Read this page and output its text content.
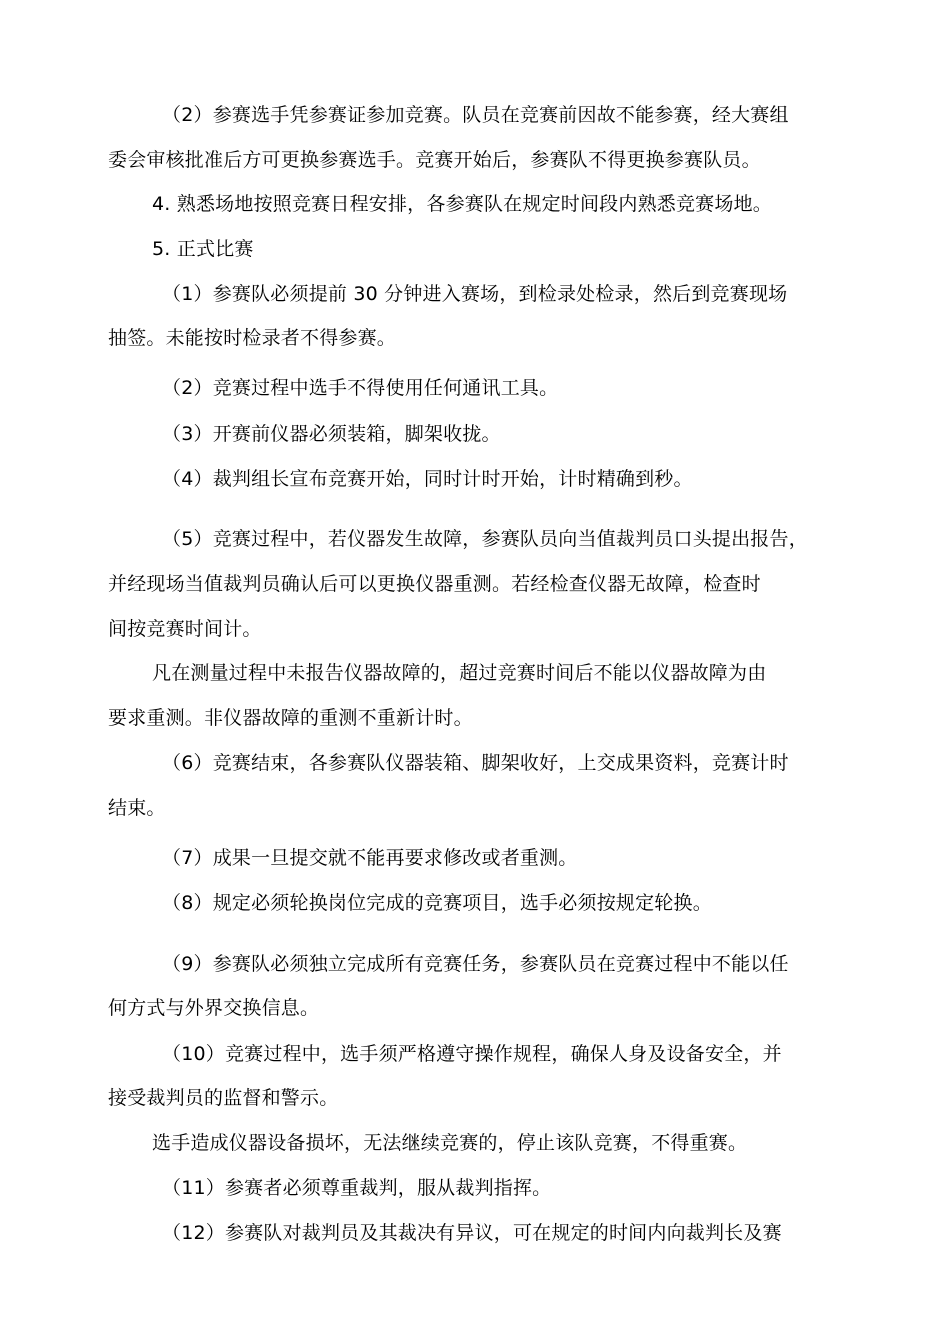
（2）参赛选手凭参赛证参加竞赛。队员在竞赛前因故不能参赛，经大赛组
委会审核批准后方可更换参赛选手。竞赛开始后，参赛队不得更换参赛队员。
4. 熟悉场地按照竞赛日程安排，各参赛队在规定时间段内熟悉竞赛场地。
5. 正式比赛
（1）参赛队必须提前 30 分钟进入赛场，到检录处检录，然后到竞赛现场
抽签。未能按时检录者不得参赛。
（2）竞赛过程中选手不得使用任何通讯工具。
（3）开赛前仪器必须装箱，脚架收拢。
（4）裁判组长宣布竞赛开始，同时计时开始，计时精确到秒。
（5）竞赛过程中，若仪器发生故障，参赛队员向当值裁判员口头提出报告，
并经现场当值裁判员确认后可以更换仪器重测。若经检查仪器无故障，检查时
间按竞赛时间计。
凡在测量过程中未报告仪器故障的，超过竞赛时间后不能以仪器故障为由
要求重测。非仪器故障的重测不重新计时。
（6）竞赛结束，各参赛队仪器装箱、脚架收好，上交成果资料，竞赛计时
结束。
（7）成果一旦提交就不能再要求修改或者重测。
（8）规定必须轮换岗位完成的竞赛项目，选手必须按规定轮换。
（9）参赛队必须独立完成所有竞赛任务，参赛队员在竞赛过程中不能以任
何方式与外界交换信息。
（10）竞赛过程中，选手须严格遵守操作规程，确保人身及设备安全，并
接受裁判员的监督和警示。
选手造成仪器设备损坏，无法继续竞赛的，停止该队竞赛，不得重赛。
（11）参赛者必须尊重裁判，服从裁判指挥。
（12）参赛队对裁判员及其裁决有异议，可在规定的时间内向裁判长及赛
